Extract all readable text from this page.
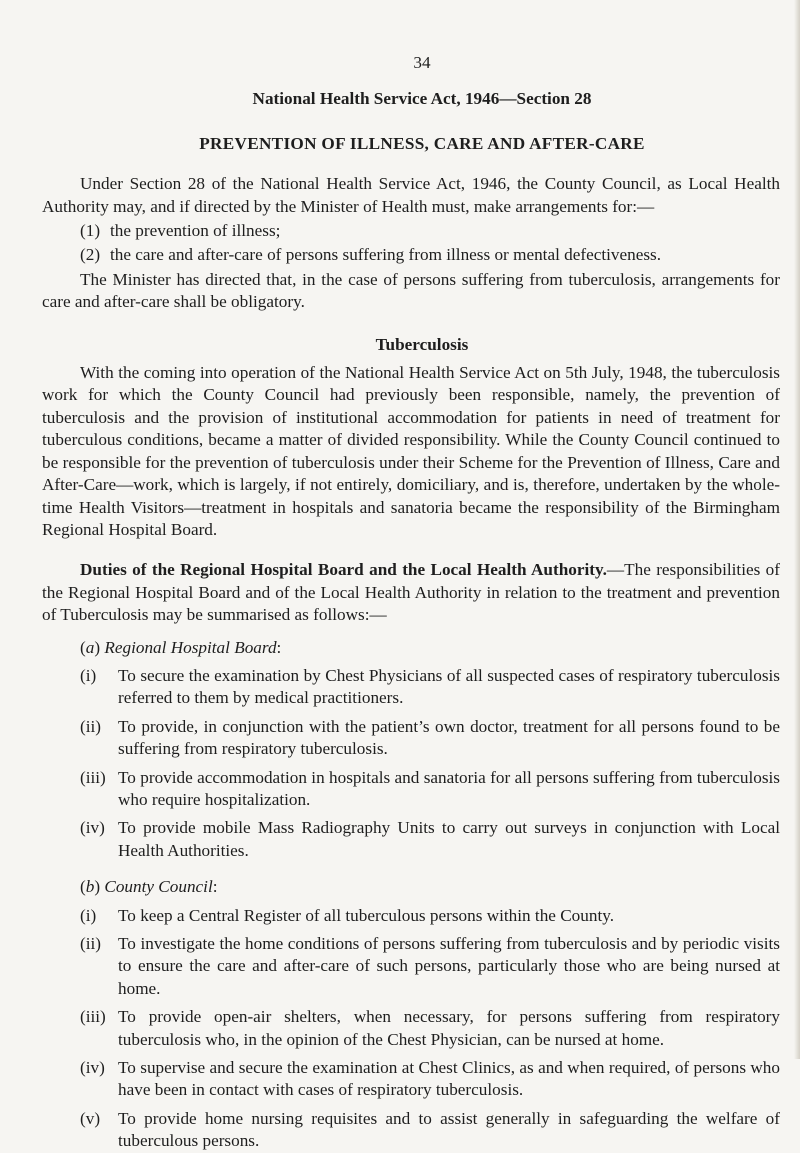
34

National Health Service Act, 1946—Section 28

PREVENTION OF ILLNESS, CARE AND AFTER-CARE

Under Section 28 of the National Health Service Act, 1946, the County Council, as Local Health Authority may, and if directed by the Minister of Health must, make arrangements for:—

(1) the prevention of illness;
(2) the care and after-care of persons suffering from illness or mental defectiveness.

The Minister has directed that, in the case of persons suffering from tuberculosis, arrangements for care and after-care shall be obligatory.

Tuberculosis

With the coming into operation of the National Health Service Act on 5th July, 1948, the tuberculosis work for which the County Council had previously been responsible, namely, the prevention of tuberculosis and the provision of institutional accommodation for patients in need of treatment for tuberculous conditions, became a matter of divided responsibility. While the County Council continued to be responsible for the prevention of tuberculosis under their Scheme for the Prevention of Illness, Care and After-Care—work, which is largely, if not entirely, domiciliary, and is, therefore, undertaken by the whole-time Health Visitors—treatment in hospitals and sanatoria became the responsibility of the Birmingham Regional Hospital Board.

Duties of the Regional Hospital Board and the Local Health Authority.—The responsibilities of the Regional Hospital Board and of the Local Health Authority in relation to the treatment and prevention of Tuberculosis may be summarised as follows:—

(a) Regional Hospital Board:
(i)	To secure the examination by Chest Physicians of all suspected cases of respiratory tuberculosis referred to them by medical practitioners.
(ii) To provide, in conjunction with the patient’s own doctor, treatment for all persons found to be suffering from respiratory tuberculosis.
(iii) To provide accommodation in hospitals and sanatoria for all persons suffering from tuberculosis who require hospitalization.
(iv) To provide mobile Mass Radiography Units to carry out surveys in conjunction with Local Health Authorities.
(b) County Council:
(i)	To keep a Central Register of all tuberculous persons within the County.
(ii) To investigate the home conditions of persons suffering from tuberculosis and by periodic visits to ensure the care and after-care of such persons, particularly those who are being nursed at home.
(iii) To provide open-air shelters, when necessary, for persons suffering from respiratory tuberculosis who, in the opinion of the Chest Physician, can be nursed at home.
(iv) To supervise and secure the examination at Chest Clinics, as and when required, of persons who have been in contact with cases of respiratory tuberculosis.
(v)	To provide home nursing requisites and to assist generally in safeguarding the welfare of tuberculous persons.
